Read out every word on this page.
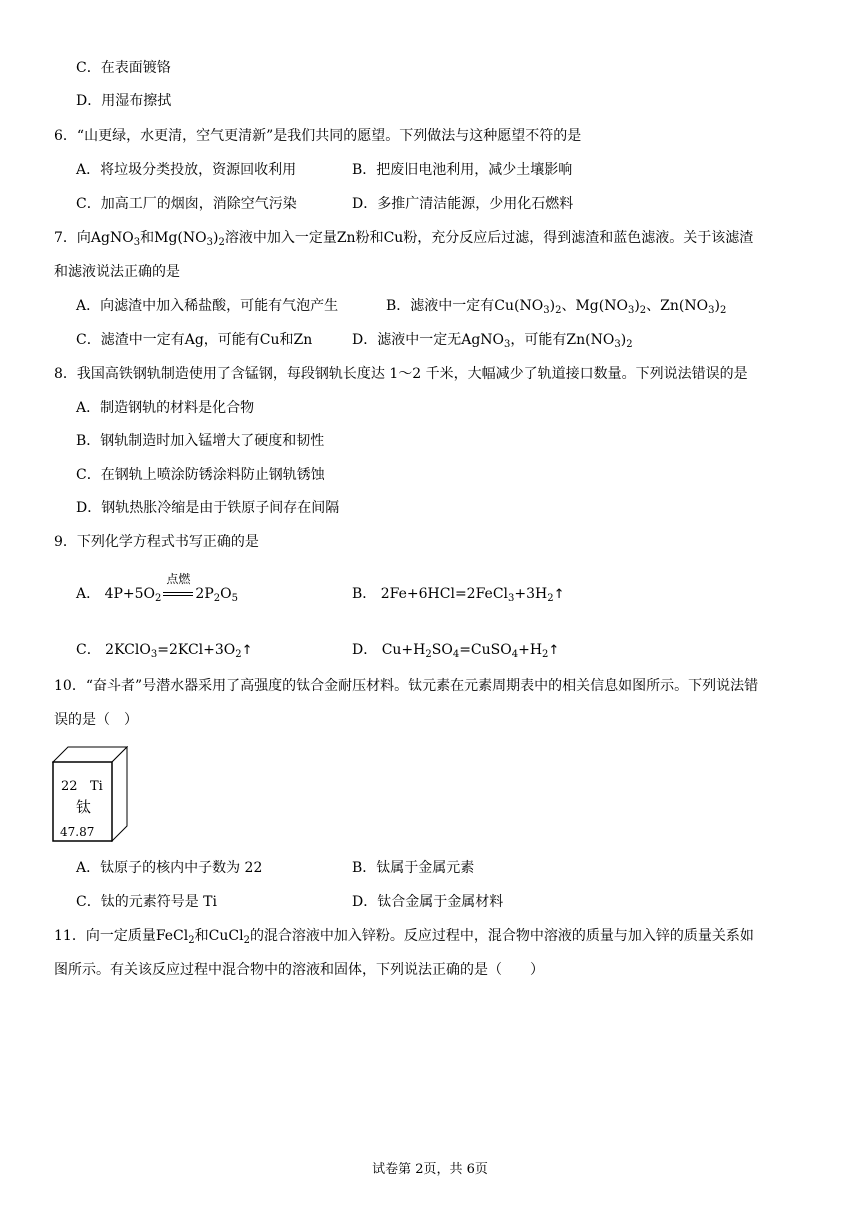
C．在表面镀铬
D．用湿布擦拭
6．“山更绿，水更清，空气更清新”是我们共同的愿望。下列做法与这种愿望不符的是
A．将垃圾分类投放，资源回收利用	B．把废旧电池利用，减少土壤影响
C．加高工厂的烟囱，消除空气污染	D．多推广清洁能源，少用化石燃料
7．向AgNO$_3$和$Mg(NO_3)_2$溶液中加入一定量Zn粉和Cu粉，充分反应后过滤，得到滤渣和蓝色滤液。关于该滤渣
和滤液说法正确的是
A．向滤渣中加入稀盐酸，可能有气泡产生	B．滤液中一定有$Cu(NO_3)_2$、$Mg(NO_3)_2$、$Zn(NO_3)_2$
C．滤渣中一定有Ag，可能有Cu和Zn	D．滤液中一定无AgNO$_3$，可能有$Zn(NO_3)_2$
8．我国高铁钢轨制造使用了含锰钢，每段钢轨长度达 1～2 千米，大幅减少了轨道接口数量。下列说法错误的是
A．制造钢轨的材料是化合物
B．钢轨制造时加入锰增大了硬度和韧性
C．在钢轨上喷涂防锈涂料防止钢轨锈蚀
D．钢轨热胀冷缩是由于铁原子间存在间隔
9．下列化学方程式书写正确的是
A． $4P+5O_2$
点燃
$2P_2O_5$	B． $2Fe+6HCl=2FeCl_3+3H_2↑$
C． $2KClO_3=2KCl+3O_2↑$	D． $Cu+H_2SO_4=CuSO_4+H_2↑$
10．“奋斗者”号潜水器采用了高强度的钛合金耐压材料。钛元素在元素周期表中的相关信息如图所示。下列说法错
误的是（　）
22 Ti
钛
47.87
A．钛原子的核内中子数为 22	B．钛属于金属元素
C．钛的元素符号是 Ti	D．钛合金属于金属材料
11．向一定质量FeCl$_2$和CuCl$_2$的混合溶液中加入锌粉。反应过程中，混合物中溶液的质量与加入锌的质量关系如
图所示。有关该反应过程中混合物中的溶液和固体，下列说法正确的是（　　）
试卷第 2页，共 6页
